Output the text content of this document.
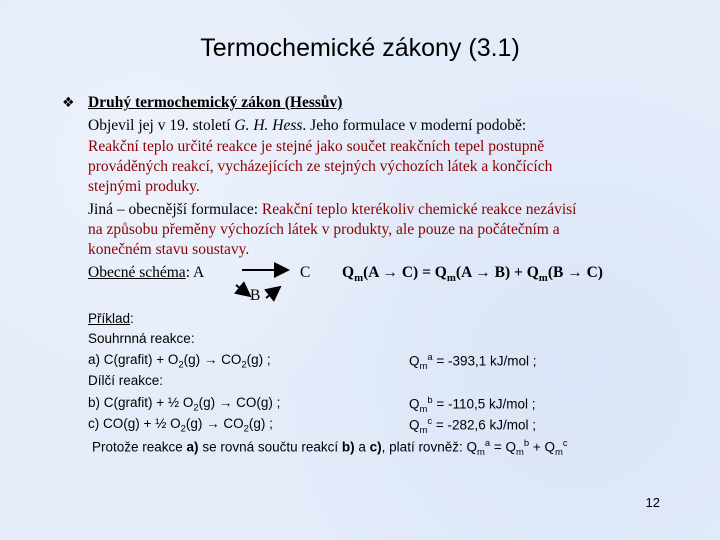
Termochemické zákony (3.1)
❖ Druhý termochemický zákon (Hessův)
Objevil jej v 19. století G. H. Hess. Jeho formulace v moderní podobě:
Reakční teplo určité reakce je stejné jako součet reakčních tepel postupně
prováděných reakcí, vycházejících ze stejných výchozích látek a končících
stejnými produky.
Jiná – obecnější formulace: Reakční teplo kterékoliv chemické reakce nezávisí
na způsobu přeměny výchozích látek v produkty, ale pouze na počátečním a
konečném stavu soustavy.
Obecné schéma: A	C
B
$Q_m(A \to C) = Q_m(A \to B) + Q_m(B \to C)$
Příklad:
Souhrnná reakce:
a) C(grafit) + $O_2(g) \to CO_2(g)$ ;	$Q_m^a = -393,1$ kJ/mol ;
Dílčí reakce:
b) C(grafit) + ½ $O_2(g) \to CO(g)$ ;	$Q_m^b = -110,5$ kJ/mol ;
c) CO(g) + ½ $O_2(g) \to CO_2(g)$ ;	$Q_m^c = -282,6$ kJ/mol ;
Protože reakce a) se rovná součtu reakcí b) a c), platí rovněž: $Q_m^a = Q_m^b + Q_m^c$
12
